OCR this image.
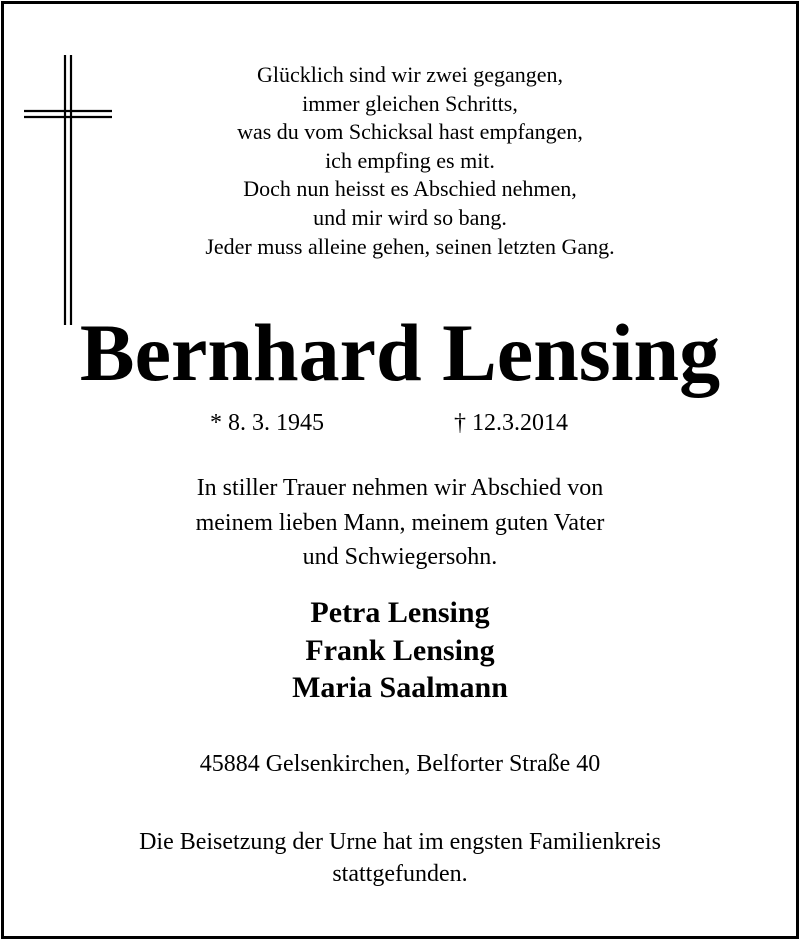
Glücklich sind wir zwei gegangen,
immer gleichen Schritts,
was du vom Schicksal hast empfangen,
ich empfing es mit.
Doch nun heisst es Abschied nehmen,
und mir wird so bang.
Jeder muss alleine gehen, seinen letzten Gang.
Bernhard Lensing
* 8. 3. 1945	† 12.3.2014
In stiller Trauer nehmen wir Abschied von
meinem lieben Mann, meinem guten Vater
und Schwiegersohn.
Petra Lensing
Frank Lensing
Maria Saalmann
45884 Gelsenkirchen, Belforter Straße 40
Die Beisetzung der Urne hat im engsten Familienkreis
stattgefunden.
